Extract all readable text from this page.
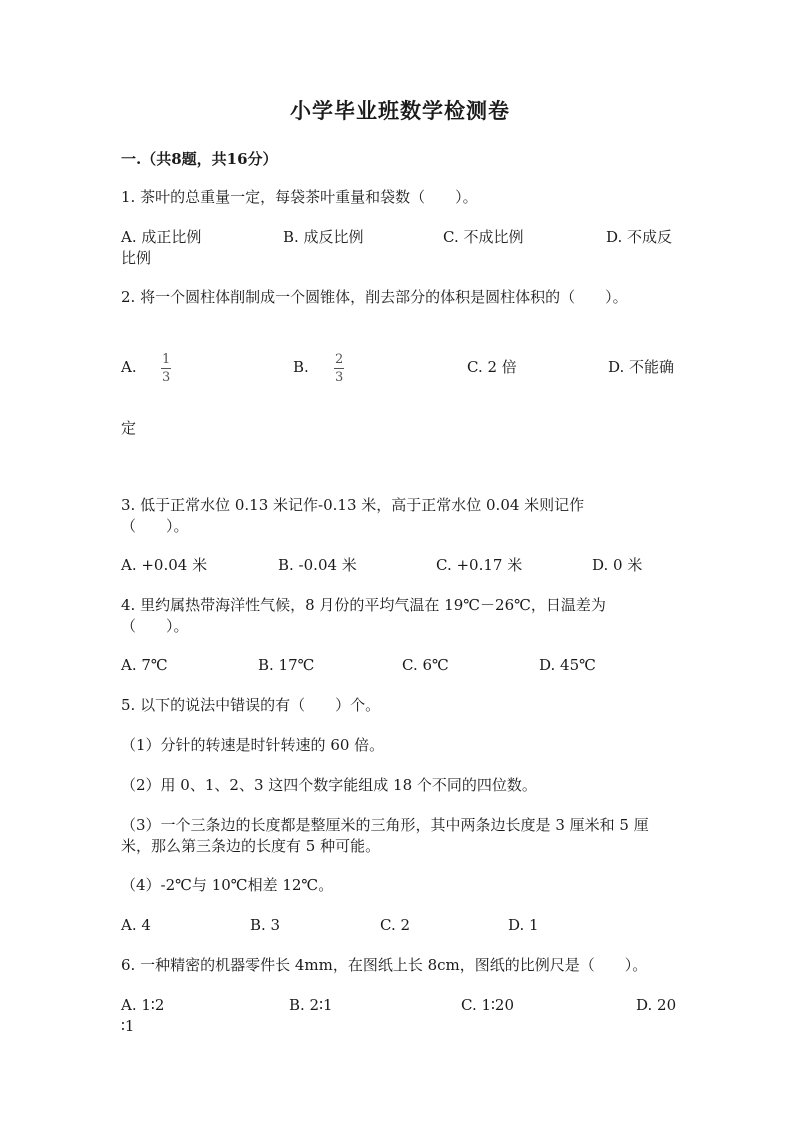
小学毕业班数学检测卷
一.（共8题，共16分）
1. 茶叶的总重量一定，每袋茶叶重量和袋数（　　）。
A. 成正比例	B. 成反比例	C. 不成比例	D. 不成反
比例
2. 将一个圆柱体削制成一个圆锥体，削去部分的体积是圆柱体积的（　　）。
A. $\frac{1}{3}$	B. $\frac{2}{3}$	C. 2 倍	D. 不能确
定
3. 低于正常水位 0.13 米记作-0.13 米，高于正常水位 0.04 米则记作
（　　）。
A. +0.04 米	B. -0.04 米	C. +0.17 米	D. 0 米
4. 里约属热带海洋性气候，8 月份的平均气温在 19℃－26℃，日温差为
（　　）。
A. 7℃	B. 17℃	C. 6℃	D. 45℃
5. 以下的说法中错误的有（　　）个。
（1）分针的转速是时针转速的 60 倍。
（2）用 0、1、2、3 这四个数字能组成 18 个不同的四位数。
（3）一个三条边的长度都是整厘米的三角形，其中两条边长度是 3 厘米和 5 厘
米，那么第三条边的长度有 5 种可能。
（4）-2℃与 10℃相差 12℃。
A. 4	B. 3	C. 2	D. 1
6. 一种精密的机器零件长 4mm，在图纸上长 8cm，图纸的比例尺是（　　）。
A. 1∶2	B. 2∶1	C. 1∶20	D. 20
∶1
